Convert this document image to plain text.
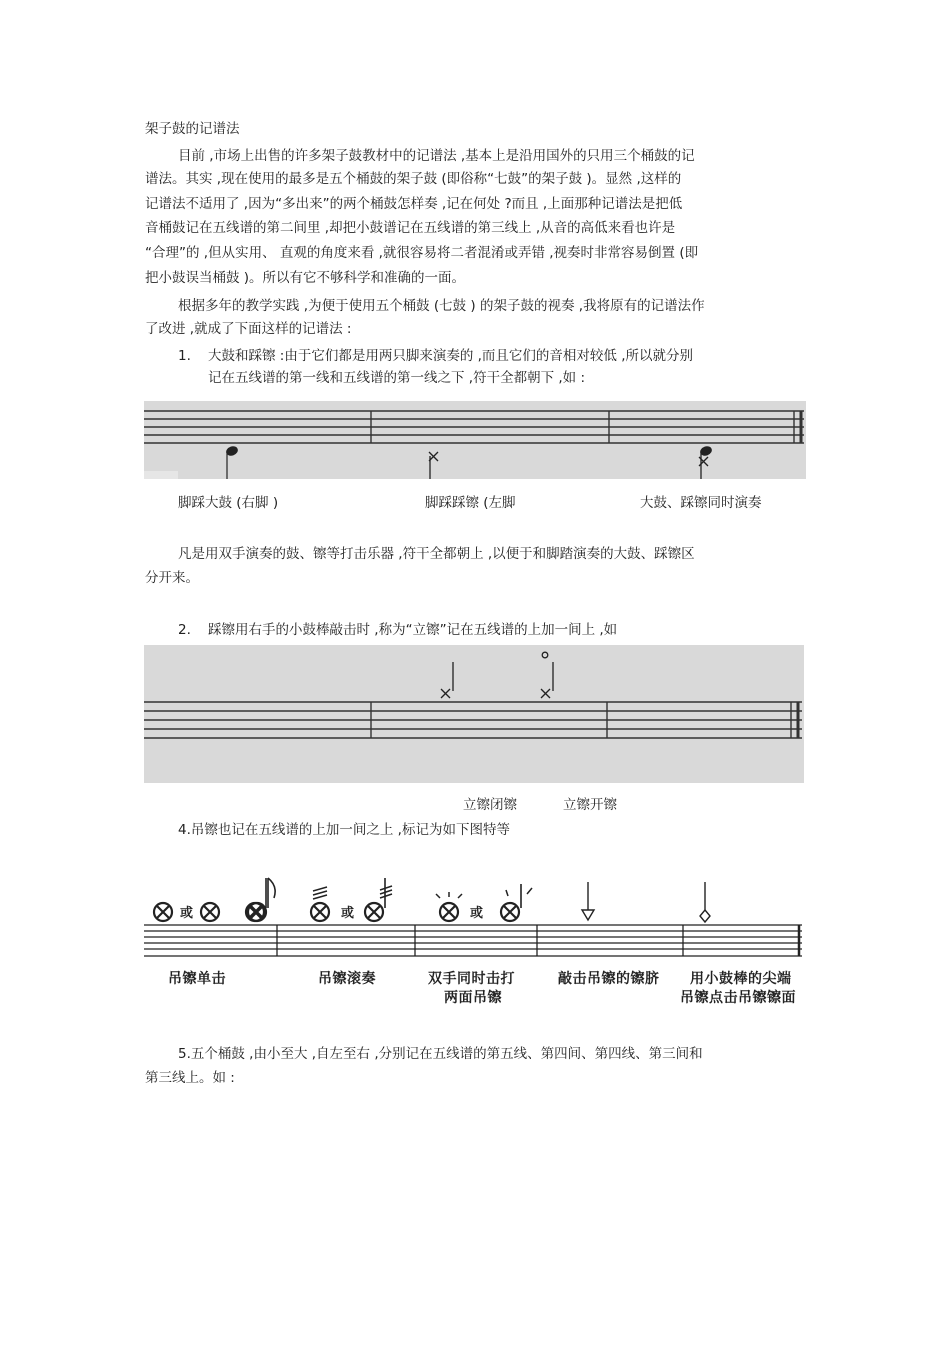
架子鼓的记谱法
目前 ,市场上出售的许多架子鼓教材中的记谱法 ,基本上是沿用国外的只用三个桶鼓的记
谱法。其实 ,现在使用的最多是五个桶鼓的架子鼓 (即俗称“七鼓”的架子鼓 )。显然 ,这样的
记谱法不适用了 ,因为“多出来”的两个桶鼓怎样奏 ,记在何处 ?而且 ,上面那种记谱法是把低
音桶鼓记在五线谱的第二间里 ,却把小鼓谱记在五线谱的第三线上 ,从音的高低来看也许是
“合理”的 ,但从实用、 直观的角度来看 ,就很容易将二者混淆或弄错 ,视奏时非常容易倒置 (即
把小鼓误当桶鼓 )。所以有它不够科学和准确的一面。
根据多年的教学实践 ,为便于使用五个桶鼓 (七鼓 ) 的架子鼓的视奏 ,我将原有的记谱法作
了改进 ,就成了下面这样的记谱法 :
1. 大鼓和踩镲 :由于它们都是用两只脚来演奏的 ,而且它们的音相对较低 ,所以就分别
记在五线谱的第一线和五线谱的第一线之下 ,符干全都朝下 ,如 :
脚踩大鼓 (右脚 )	脚踩踩镲 (左脚	大鼓、踩镲同时演奏
凡是用双手演奏的鼓、镲等打击乐器 ,符干全都朝上 ,以便于和脚踏演奏的大鼓、踩镲区
分开来。
2. 踩镲用右手的小鼓棒敲击时 ,称为“立镲”记在五线谱的上加一间上 ,如
立镲闭镲	立镲开镲
4.吊镲也记在五线谱的上加一间之上 ,标记为如下图特等
或	或	或
吊镲单击	吊镲滚奏	双手同时击打
两面吊镲
敲击吊镲的镲脐 用小鼓棒的尖端
吊镲点击吊镲镲面
5.五个桶鼓 ,由小至大 ,自左至右 ,分别记在五线谱的第五线、第四间、第四线、第三间和
第三线上。如 :
